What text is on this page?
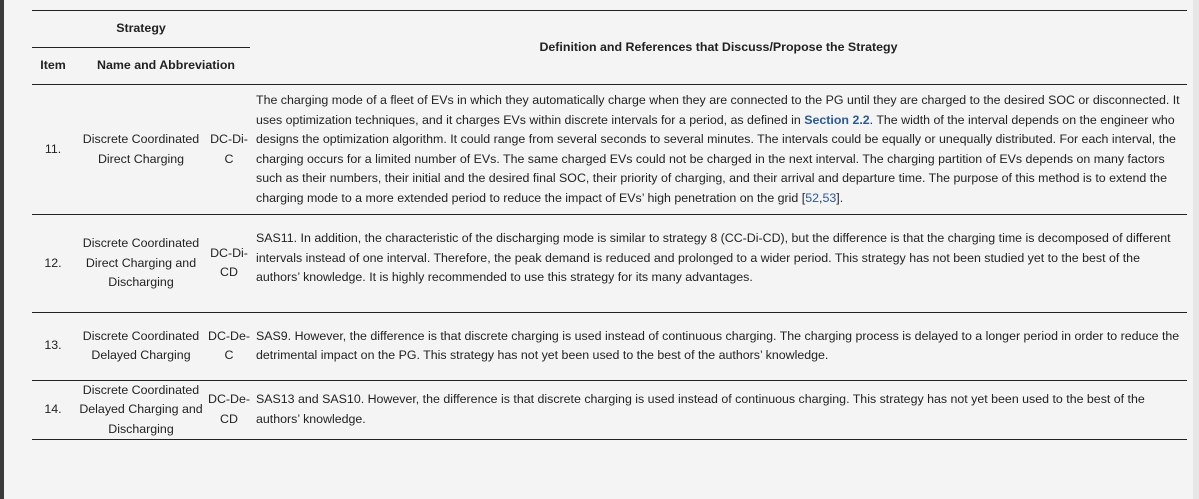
Strategy			Definition and References that Discuss/Propose the Strategy
Item	Name and Abbreviation		
11.	Discrete Coordinated Direct Charging	DC-Di-C	The charging mode of a fleet of EVs in which they automatically charge when they are connected to the PG until they are charged to the desired SOC or disconnected. It uses optimization techniques, and it charges EVs within discrete intervals for a period, as defined in Section 2.2. The width of the interval depends on the engineer who designs the optimization algorithm. It could range from several seconds to several minutes. The intervals could be equally or unequally distributed. For each interval, the charging occurs for a limited number of EVs. The same charged EVs could not be charged in the next interval. The charging partition of EVs depends on many factors such as their numbers, their initial and the desired final SOC, their priority of charging, and their arrival and departure time. The purpose of this method is to extend the charging mode to a more extended period to reduce the impact of EVs’ high penetration on the grid [52,53].
12.	Discrete Coordinated Direct Charging and Discharging	DC-Di-CD	SAS11. In addition, the characteristic of the discharging mode is similar to strategy 8 (CC-Di-CD), but the difference is that the charging time is decomposed of different intervals instead of one interval. Therefore, the peak demand is reduced and prolonged to a wider period. This strategy has not been studied yet to the best of the authors’ knowledge. It is highly recommended to use this strategy for its many advantages.
13.	Discrete Coordinated Delayed Charging	DC-De-C	SAS9. However, the difference is that discrete charging is used instead of continuous charging. The charging process is delayed to a longer period in order to reduce the detrimental impact on the PG. This strategy has not yet been used to the best of the authors’ knowledge.
14.	Discrete Coordinated Delayed Charging and Discharging	DC-De-CD	SAS13 and SAS10. However, the difference is that discrete charging is used instead of continuous charging. This strategy has not yet been used to the best of the authors’ knowledge.
